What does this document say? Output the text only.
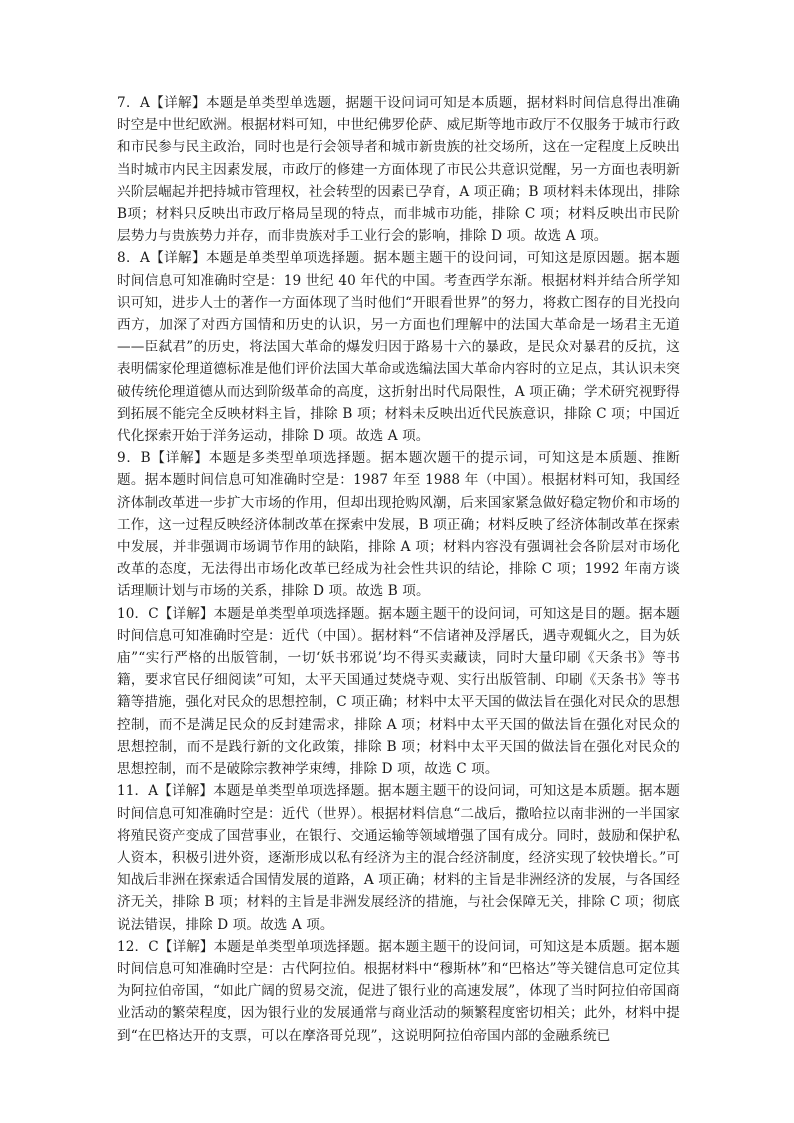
7．A【详解】本题是单类型单选题，据题干设问词可知是本质题，据材料时间信息得出准确时空是中世纪欧洲。根据材料可知，中世纪佛罗伦萨、威尼斯等地市政厅不仅服务于城市行政和市民参与民主政治，同时也是行会领导者和城市新贵族的社交场所，这在一定程度上反映出当时城市内民主因素发展，市政厅的修建一方面体现了市民公共意识觉醒，另一方面也表明新兴阶层崛起并把持城市管理权，社会转型的因素已孕育，A 项正确；B 项材料未体现出，排除B项；材料只反映出市政厅格局呈现的特点，而非城市功能，排除 C 项；材料反映出市民阶层势力与贵族势力并存，而非贵族对手工业行会的影响，排除 D 项。故选 A 项。

8．A【详解】本题是单类型单项选择题。据本题主题干的设问词，可知这是原因题。据本题时间信息可知准确时空是：19 世纪 40 年代的中国。考查西学东渐。根据材料并结合所学知识可知，进步人士的著作一方面体现了当时他们“开眼看世界”的努力，将救亡图存的目光投向西方，加深了对西方国情和历史的认识，另一方面也们理解中的法国大革命是一场君主无道——臣弑君”的历史，将法国大革命的爆发归因于路易十六的暴政，是民众对暴君的反抗，这表明儒家伦理道德标准是他们评价法国大革命或选编法国大革命内容时的立足点，其认识未突破传统伦理道德从而达到阶级革命的高度，这折射出时代局限性，A 项正确；学术研究视野得到拓展不能完全反映材料主旨，排除 B 项；材料未反映出近代民族意识，排除 C 项；中国近代化探索开始于洋务运动，排除 D 项。故选 A 项。

9．B【详解】本题是多类型单项选择题。据本题次题干的提示词，可知这是本质题、推断题。据本题时间信息可知准确时空是：1987 年至 1988 年（中国）。根据材料可知，我国经济体制改革进一步扩大市场的作用，但却出现抢购风潮，后来国家紧急做好稳定物价和市场的工作，这一过程反映经济体制改革在探索中发展，B 项正确；材料反映了经济体制改革在探索中发展，并非强调市场调节作用的缺陷，排除 A 项；材料内容没有强调社会各阶层对市场化改革的态度，无法得出市场化改革已经成为社会性共识的结论，排除 C 项；1992 年南方谈话理顺计划与市场的关系，排除 D 项。故选 B 项。

10．C【详解】本题是单类型单项选择题。据本题主题干的设问词，可知这是目的题。据本题时间信息可知准确时空是：近代（中国）。据材料“不信诸神及浮屠氏，遇寺观辄火之，目为妖庙”“实行严格的出版管制，一切‘妖书邪说’均不得买卖藏读，同时大量印刷《天条书》等书籍，要求官民仔细阅读”可知，太平天国通过焚烧寺观、实行出版管制、印刷《天条书》等书籍等措施，强化对民众的思想控制，C 项正确；材料中太平天国的做法旨在强化对民众的思想控制，而不是满足民众的反封建需求，排除 A 项；材料中太平天国的做法旨在强化对民众的思想控制，而不是践行新的文化政策，排除 B 项；材料中太平天国的做法旨在强化对民众的思想控制，而不是破除宗教神学束缚，排除 D 项，故选 C 项。

11．A【详解】本题是单类型单项选择题。据本题主题干的设问词，可知这是本质题。据本题时间信息可知准确时空是：近代（世界）。根据材料信息“二战后，撒哈拉以南非洲的一半国家将殖民资产变成了国营事业，在银行、交通运输等领域增强了国有成分。同时，鼓励和保护私人资本，积极引进外资，逐渐形成以私有经济为主的混合经济制度，经济实现了较快增长。”可知战后非洲在探索适合国情发展的道路，A 项正确；材料的主旨是非洲经济的发展，与各国经济无关，排除 B 项；材料的主旨是非洲发展经济的措施，与社会保障无关，排除 C 项；彻底说法错误，排除 D 项。故选 A 项。

12．C【详解】本题是单类型单项选择题。据本题主题干的设问词，可知这是本质题。据本题时间信息可知准确时空是：古代阿拉伯。根据材料中“穆斯林”和“巴格达”等关键信息可定位其为阿拉伯帝国，“如此广阔的贸易交流，促进了银行业的高速发展”，体现了当时阿拉伯帝国商业活动的繁荣程度，因为银行业的发展通常与商业活动的频繁程度密切相关；此外，材料中提到“在巴格达开的支票，可以在摩洛哥兑现”，这说明阿拉伯帝国内部的金融系统已
